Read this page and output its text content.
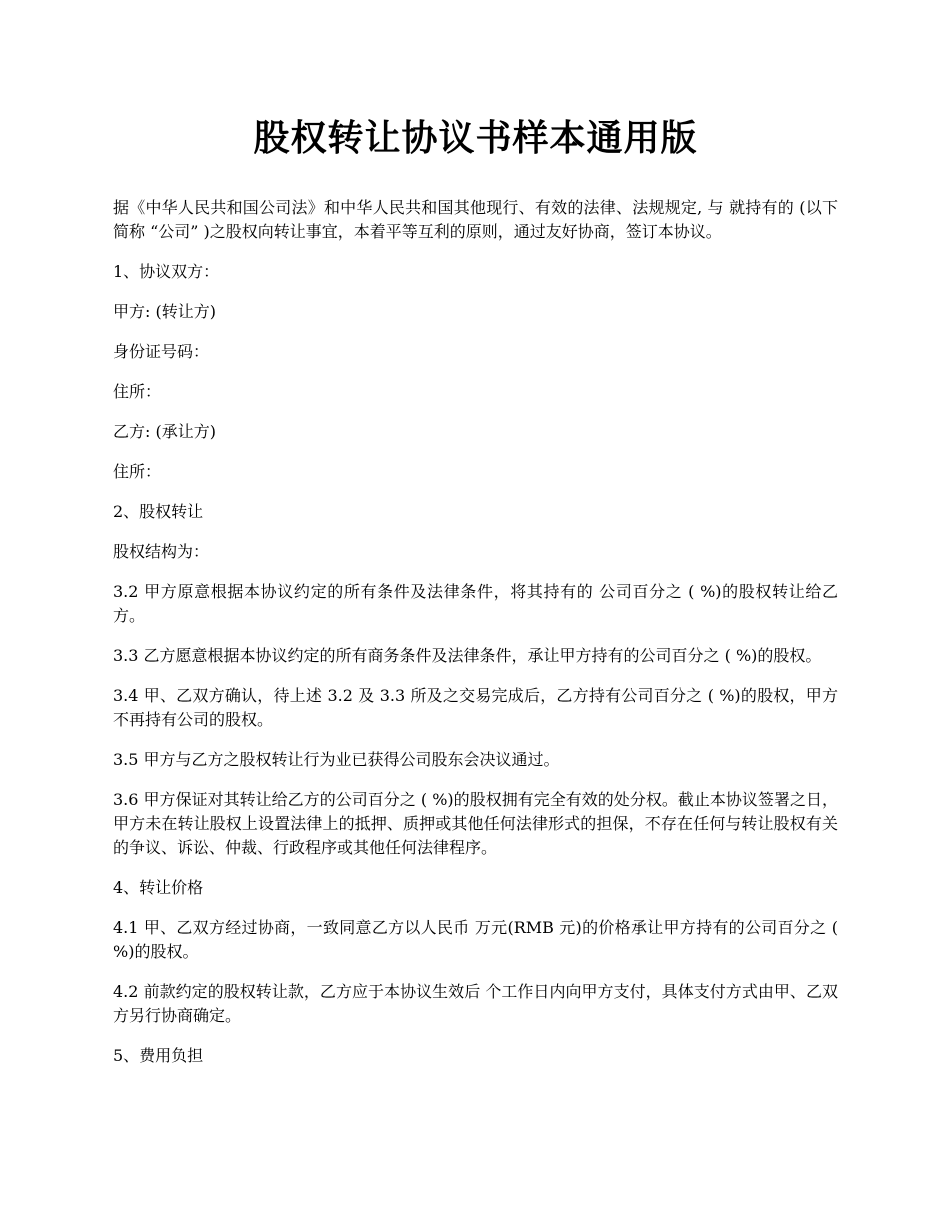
股权转让协议书样本通用版

据《中华人民共和国公司法》和中华人民共和国其他现行、有效的法律、法规规定, 与 就持有的 (以下简称 “公司” )之股权向转让事宜，本着平等互利的原则，通过友好协商，签订本协议。

1、协议双方：

甲方: (转让方)

身份证号码：

住所：

乙方: (承让方)

住所：

2、股权转让

股权结构为：

3.2 甲方原意根据本协议约定的所有条件及法律条件，将其持有的 公司百分之 ( %)的股权转让给乙方。

3.3 乙方愿意根据本协议约定的所有商务条件及法律条件，承让甲方持有的公司百分之 ( %)的股权。

3.4 甲、乙双方确认，待上述 3.2 及 3.3 所及之交易完成后，乙方持有公司百分之 ( %)的股权，甲方不再持有公司的股权。

3.5 甲方与乙方之股权转让行为业已获得公司股东会决议通过。

3.6 甲方保证对其转让给乙方的公司百分之 ( %)的股权拥有完全有效的处分权。截止本协议签署之日，甲方未在转让股权上设置法律上的抵押、质押或其他任何法律形式的担保，不存在任何与转让股权有关的争议、诉讼、仲裁、行政程序或其他任何法律程序。

4、转让价格

4.1 甲、乙双方经过协商，一致同意乙方以人民币 万元(RMB 元)的价格承让甲方持有的公司百分之 ( %)的股权。

4.2 前款约定的股权转让款，乙方应于本协议生效后 个工作日内向甲方支付，具体支付方式由甲、乙双方另行协商确定。

5、费用负担
